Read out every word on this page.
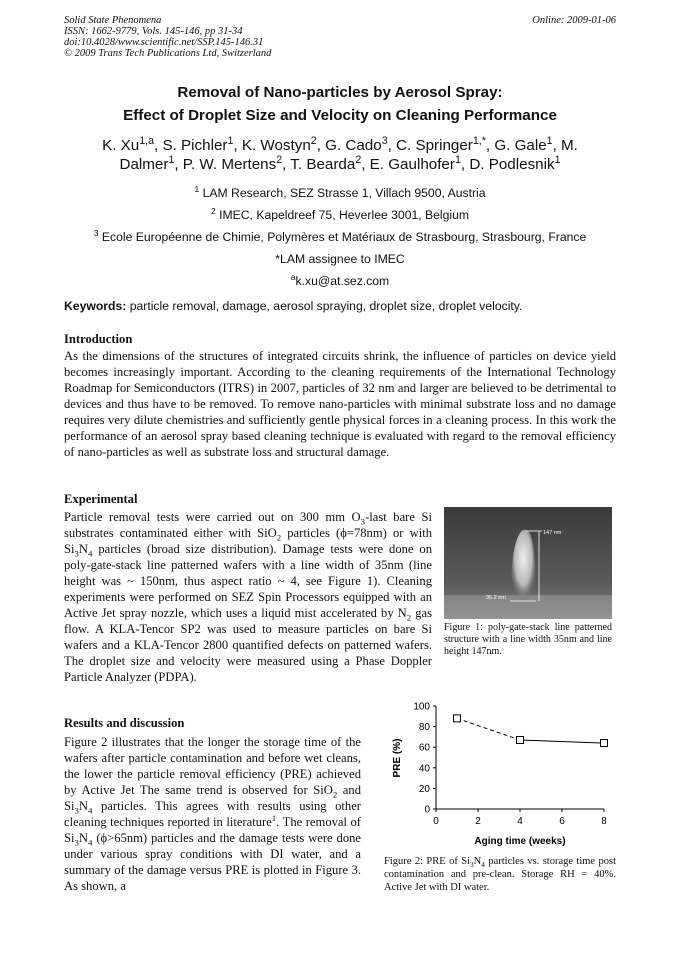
Solid State Phenomena
ISSN: 1662-9779, Vols. 145-146, pp 31-34
doi:10.4028/www.scientific.net/SSP.145-146.31
© 2009 Trans Tech Publications Ltd, Switzerland
Online: 2009-01-06
Removal of Nano-particles by Aerosol Spray:
Effect of Droplet Size and Velocity on Cleaning Performance
K. Xu$^{1,a}$, S. Pichler$^1$, K. Wostyn$^2$, G. Cado$^3$, C. Springer$^{1,*}$, G. Gale$^1$, M.
Dalmer$^1$, P. W. Mertens$^2$, T. Bearda$^2$, E. Gaulhofer$^1$, D. Podlesnik$^1$
$^1$ LAM Research, SEZ Strasse 1, Villach 9500, Austria
$^2$ IMEC, Kapeldreef 75, Heverlee 3001, Belgium
$^3$ Ecole Européenne de Chimie, Polymères et Matériaux de Strasbourg, Strasbourg, France
*LAM assignee to IMEC
$^a$k.xu@at.sez.com
Keywords: particle removal, damage, aerosol spraying, droplet size, droplet velocity.
Introduction
As the dimensions of the structures of integrated circuits shrink, the influence of particles on device yield becomes increasingly important. According to the cleaning requirements of the International Technology Roadmap for Semiconductors (ITRS) in 2007, particles of 32 nm and larger are believed to be detrimental to devices and thus have to be removed. To remove nano-particles with minimal substrate loss and no damage requires very dilute chemistries and sufficiently gentle physical forces in a cleaning process. In this work the performance of an aerosol spray based cleaning technique is evaluated with regard to the removal efficiency of nano-particles as well as substrate loss and structural damage.
Experimental
Particle removal tests were carried out on 300 mm $O_3$-last bare Si substrates contaminated either with SiO$_2$ particles (ϕ=78nm) or with $Si_3N_4$ particles (broad size distribution). Damage tests were done on poly-gate-stack line patterned wafers with a line width of 35nm (line height was ~ 150nm, thus aspect ratio ~ 4, see Figure 1). Cleaning experiments were performed on SEZ Spin Processors equipped with an Active Jet spray nozzle, which uses a liquid mist accelerated by $N_2$ gas flow. A KLA-Tencor SP2 was used to measure particles on bare Si wafers and a KLA-Tencor 2800 quantified defects on patterned wafers. The droplet size and velocity were measured using a Phase Doppler Particle Analyzer (PDPA).
147 nm
35.2 nm
Figure 1: poly-gate-stack line patterned structure with a line width 35nm and line height 147nm.
Results and discussion
Figure 2 illustrates that the longer the storage time of the wafers after particle contamination and before wet cleans, the lower the particle removal efficiency (PRE) achieved by Active Jet The same trend is observed for SiO$_2$ and $Si_3N_4$ particles. This agrees with results using other cleaning techniques reported in literature$^1$. The removal of $Si_3N_4$ (ϕ>65nm) particles and the damage tests were done under various spray conditions with DI water, and a summary of the damage versus PRE is plotted in Figure 3. As shown, a
0
20
40
60
80
100
0	2	4	6	8
Aging time (weeks)
PRE (%)
Figure 2: PRE of $Si_3N_4$ particles vs. storage time post contamination and pre-clean. Storage RH = 40%. Active Jet with DI water.
